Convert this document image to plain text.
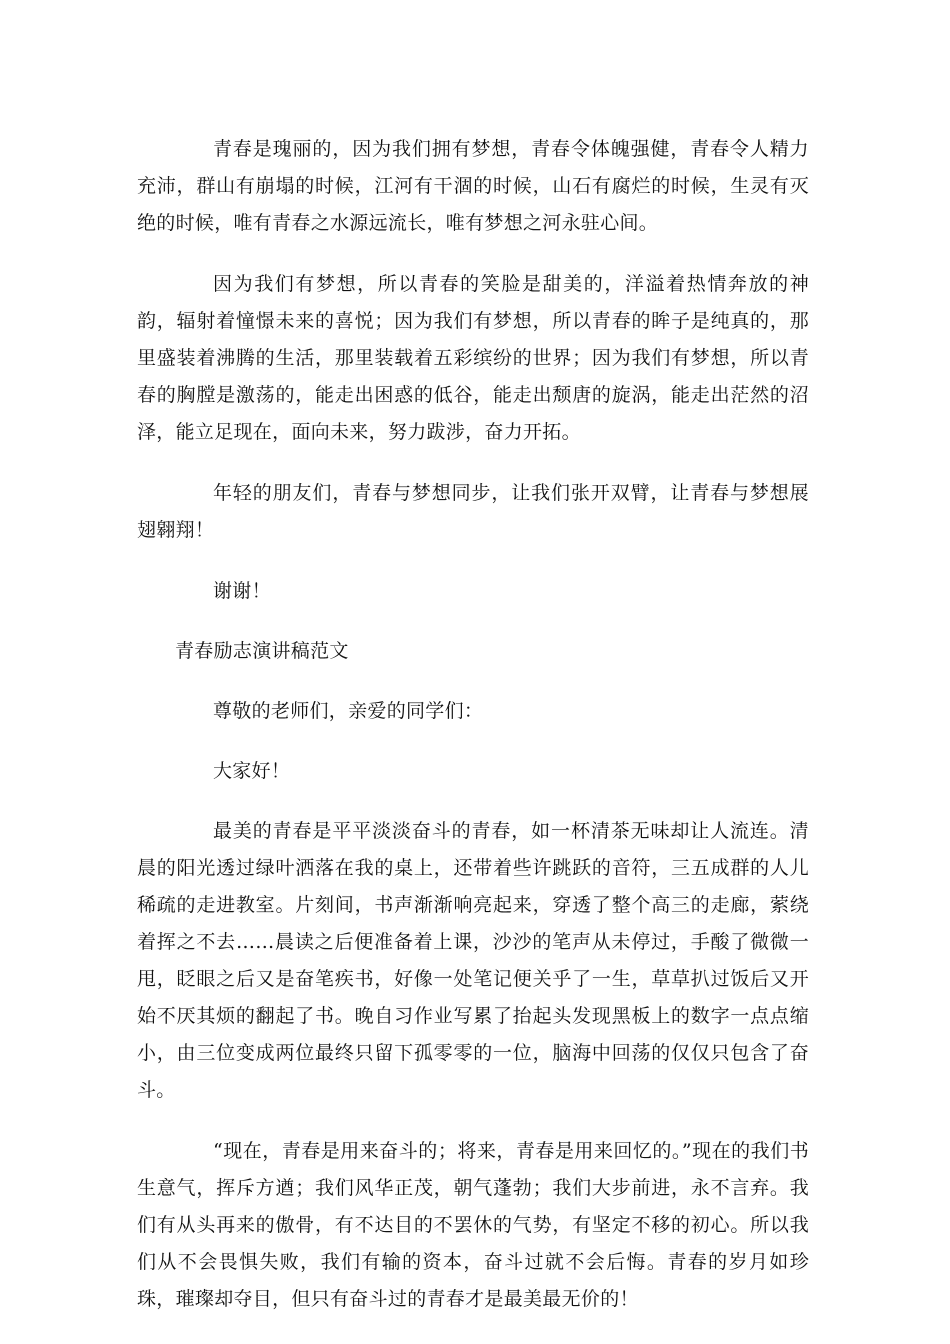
青春是瑰丽的，因为我们拥有梦想，青春令体魄强健，青春令人精力充沛，群山有崩塌的时候，江河有干涸的时候，山石有腐烂的时候，生灵有灭绝的时候，唯有青春之水源远流长，唯有梦想之河永驻心间。

因为我们有梦想，所以青春的笑脸是甜美的，洋溢着热情奔放的神韵，辐射着憧憬未来的喜悦；因为我们有梦想，所以青春的眸子是纯真的，那里盛装着沸腾的生活，那里装载着五彩缤纷的世界；因为我们有梦想，所以青春的胸膛是激荡的，能走出困惑的低谷，能走出颓唐的旋涡，能走出茫然的沼泽，能立足现在，面向未来，努力跋涉，奋力开拓。

年轻的朋友们，青春与梦想同步，让我们张开双臂，让青春与梦想展翅翱翔！

谢谢！

青春励志演讲稿范文

尊敬的老师们，亲爱的同学们：

大家好！

最美的青春是平平淡淡奋斗的青春，如一杯清茶无味却让人流连。清晨的阳光透过绿叶洒落在我的桌上，还带着些许跳跃的音符，三五成群的人儿稀疏的走进教室。片刻间，书声渐渐响亮起来，穿透了整个高三的走廊，萦绕着挥之不去……晨读之后便准备着上课，沙沙的笔声从未停过，手酸了微微一甩，眨眼之后又是奋笔疾书，好像一处笔记便关乎了一生，草草扒过饭后又开始不厌其烦的翻起了书。晚自习作业写累了抬起头发现黑板上的数字一点点缩小，由三位变成两位最终只留下孤零零的一位，脑海中回荡的仅仅只包含了奋斗。

“现在，青春是用来奋斗的；将来，青春是用来回忆的。”现在的我们书生意气，挥斥方遒；我们风华正茂，朝气蓬勃；我们大步前进，永不言弃。我们有从头再来的傲骨，有不达目的不罢休的气势，有坚定不移的初心。所以我们从不会畏惧失败，我们有输的资本，奋斗过就不会后悔。青春的岁月如珍珠，璀璨却夺目，但只有奋斗过的青春才是最美最无价的！
